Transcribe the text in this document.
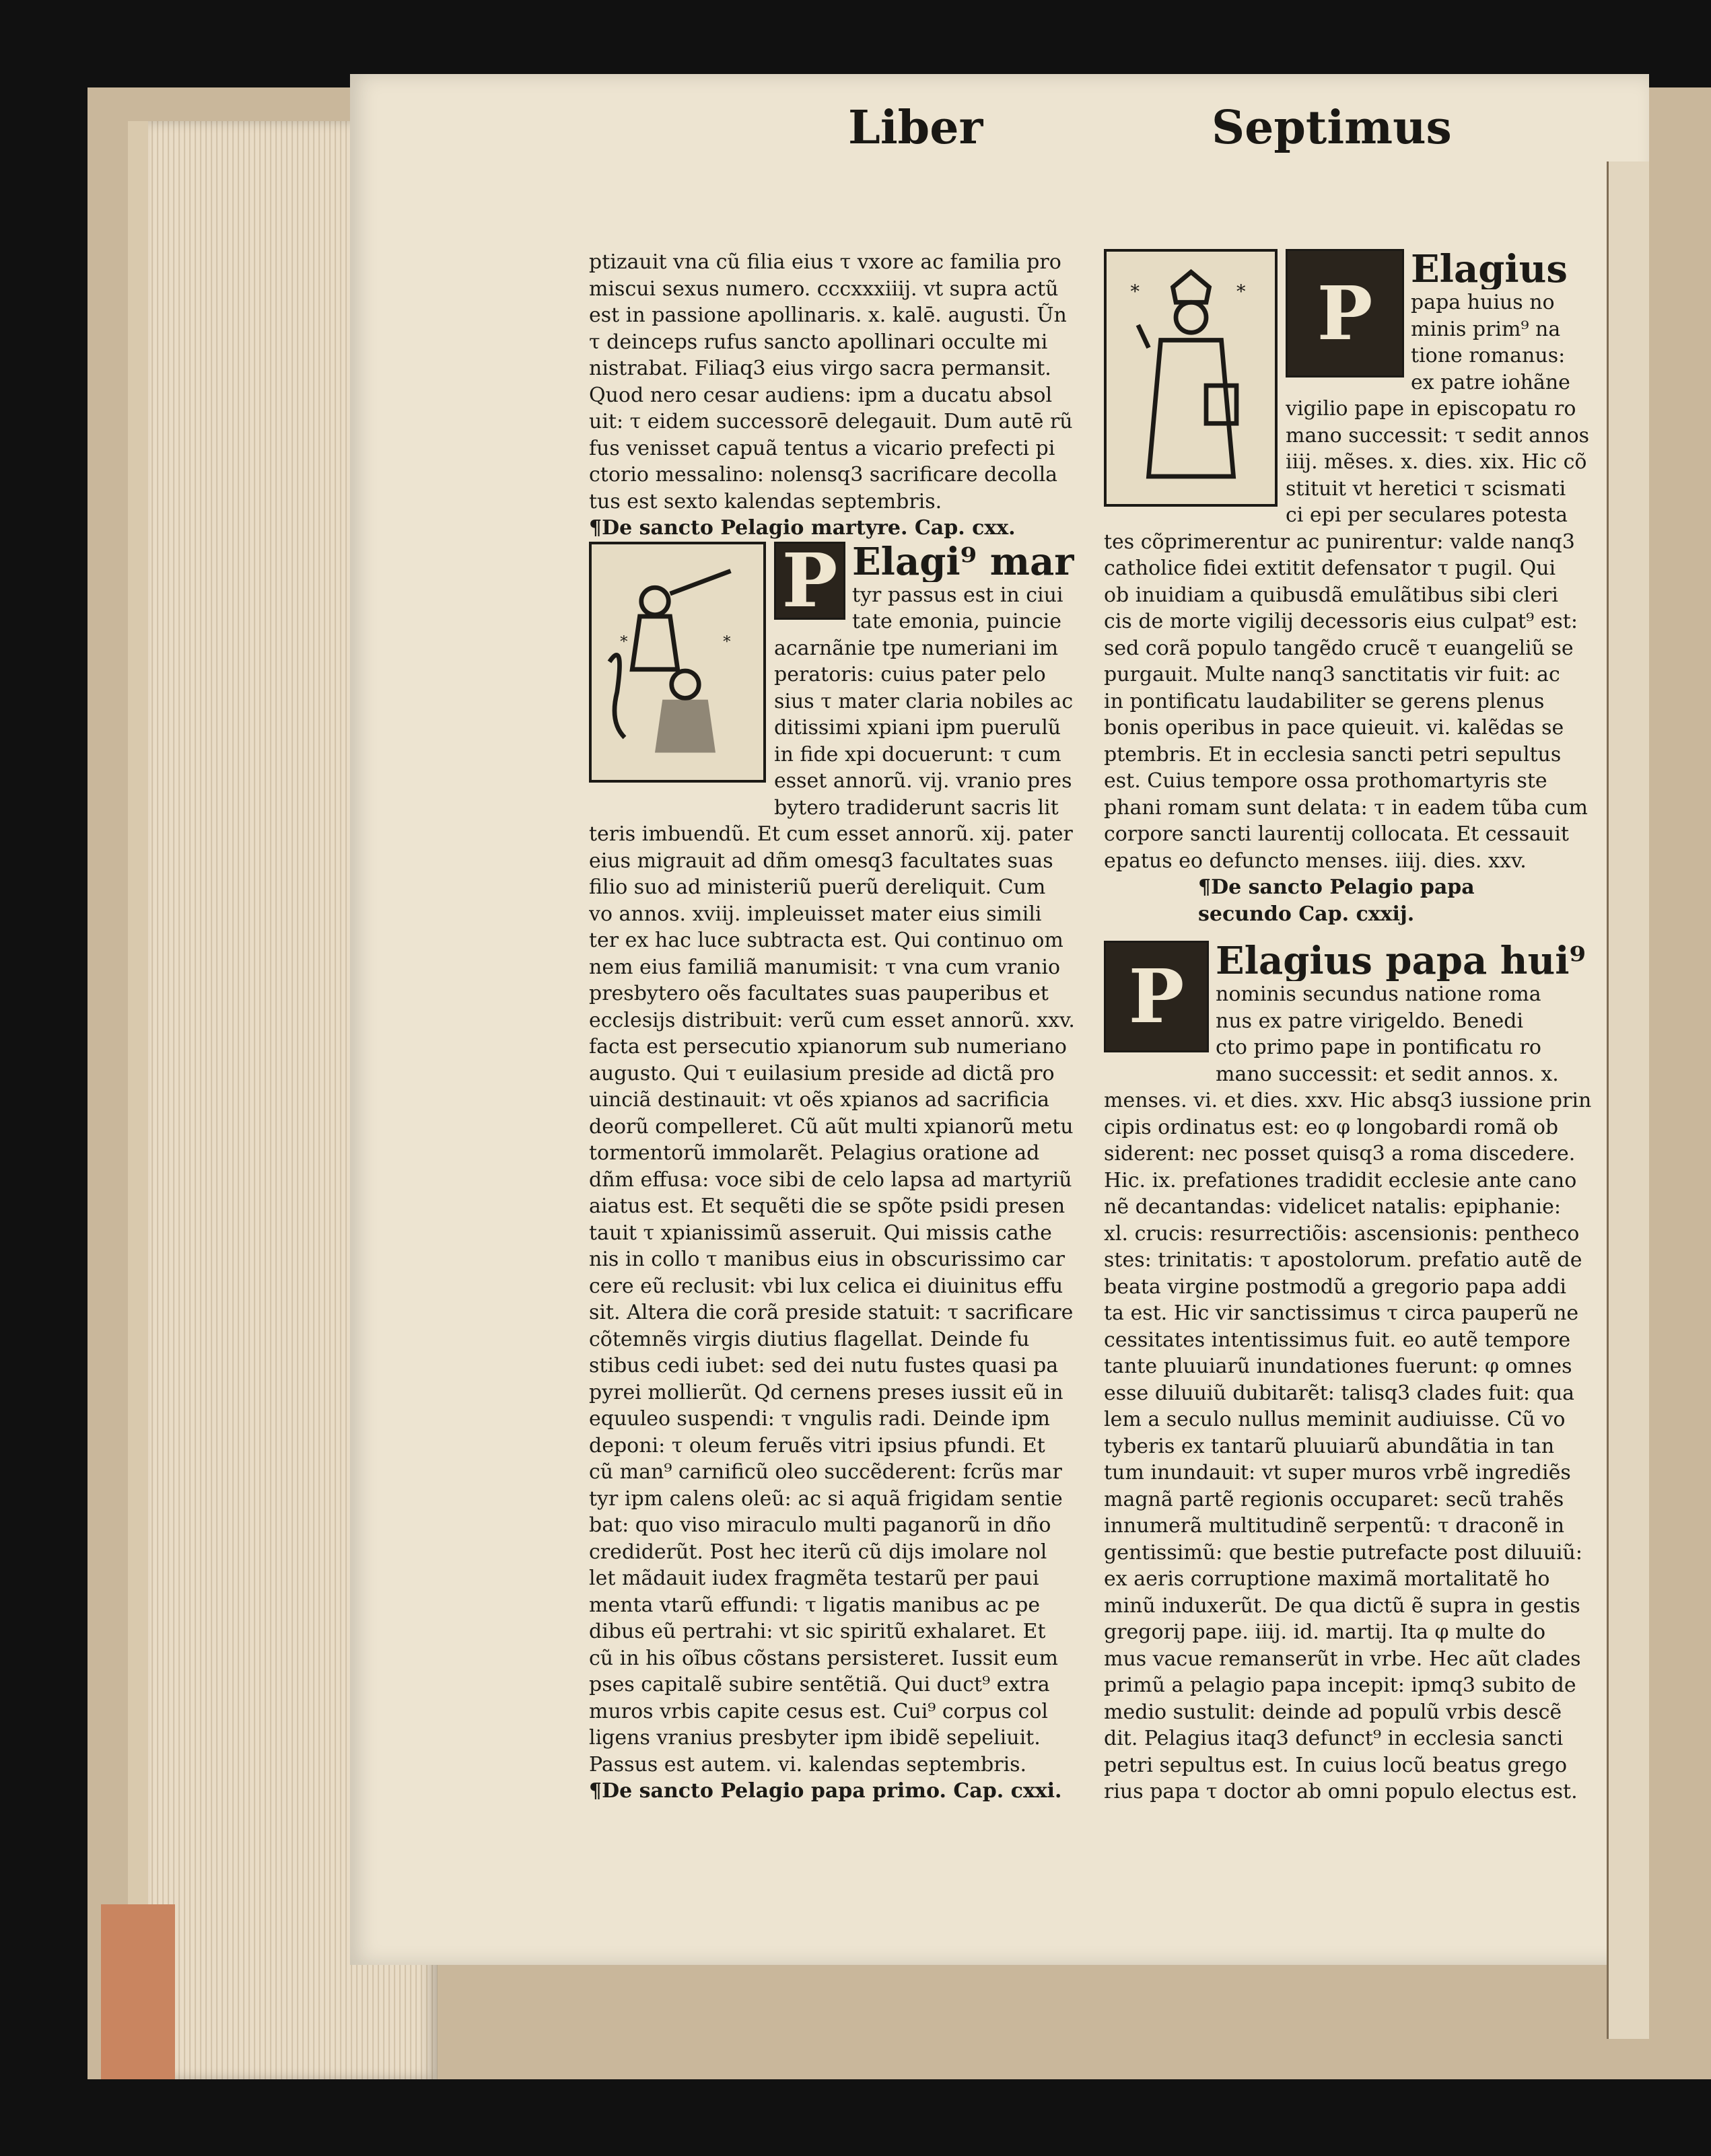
Liber	Septimus

ptizauit vna cũ filia eius τ vxore ac familia pro

miscui sexus numero. cccxxxiiij. vt supra actũ

est in passione apollinaris. x. kalē. augusti. Ũn

τ deinceps rufus sancto apollinari occulte mi

nistrabat. Filiaq3 eius virgo sacra permansit.

Quod nero cesar audiens: ipm a ducatu absol

uit: τ eidem successorē delegauit. Dum autē rũ

fus venisset capuã tentus a vicario prefecti pi

ctorio messalino: nolensq3 sacrificare decolla

tus est sexto kalendas septembris.

¶De sancto Pelagio martyre. Cap. cxx.

*	*
P Elagi⁹ mar

tyr passus est in ciui

tate emonia, puincie

acarnãnie tpe numeriani im

peratoris: cuius pater pelo

sius τ mater claria nobiles ac

ditissimi xpiani ipm puerulũ

in fide xpi docuerunt: τ cum

esset annorũ. vij. vranio pres

bytero tradiderunt sacris lit

teris imbuendũ. Et cum esset annorũ. xij. pater

eius migrauit ad dñm omesq3 facultates suas

filio suo ad ministeriũ puerũ dereliquit. Cum

vo annos. xviij. impleuisset mater eius simili

ter ex hac luce subtracta est. Qui continuo om

nem eius familiã manumisit: τ vna cum vranio

presbytero oẽs facultates suas pauperibus et

ecclesijs distribuit: verũ cum esset annorũ. xxv.

facta est persecutio xpianorum sub numeriano

augusto. Qui τ euilasium preside ad dictã pro

uinciã destinauit: vt oẽs xpianos ad sacrificia

deorũ compelleret. Cũ aũt multi xpianorũ metu

tormentorũ immolarẽt. Pelagius oratione ad

dñm effusa: voce sibi de celo lapsa ad martyriũ

aiatus est. Et sequẽti die se spõte psidi presen

tauit τ xpianissimũ asseruit. Qui missis cathe

nis in collo τ manibus eius in obscurissimo car

cere eũ reclusit: vbi lux celica ei diuinitus effu

sit. Altera die corã preside statuit: τ sacrificare

cõtemnẽs virgis diutius flagellat. Deinde fu

stibus cedi iubet: sed dei nutu fustes quasi pa

pyrei mollierũt. Qd cernens preses iussit eũ in

equuleo suspendi: τ vngulis radi. Deinde ipm

deponi: τ oleum feruẽs vitri ipsius pfundi. Et

cũ man⁹ carnificũ oleo succẽderent: fcrũs mar

tyr ipm calens oleũ: ac si aquã frigidam sentie

bat: quo viso miraculo multi paganorũ in dño

crediderũt. Post hec iterũ cũ dijs imolare nol

let mãdauit iudex fragmẽta testarũ per paui

menta vtarũ effundi: τ ligatis manibus ac pe

dibus eũ pertrahi: vt sic spiritũ exhalaret. Et

cũ in his oĩbus cõstans persisteret. Iussit eum

pses capitalẽ subire sentẽtiã. Qui duct⁹ extra

muros vrbis capite cesus est. Cui⁹ corpus col

ligens vranius presbyter ipm ibidẽ sepeliuit.

Passus est autem. vi. kalendas septembris.

¶De sancto Pelagio papa primo. Cap. cxxi.

*	* P

Elagius

papa huius no

minis prim⁹ na

tione romanus:

ex patre iohãne

vigilio pape in episcopatu ro

mano successit: τ sedit annos

iiij. mẽses. x. dies. xix. Hic cõ

stituit vt heretici τ scismati

ci epi per seculares potesta

tes cõprimerentur ac punirentur: valde nanq3

catholice fidei extitit defensator τ pugil. Qui

ob inuidiam a quibusdã emulãtibus sibi cleri

cis de morte vigilij decessoris eius culpat⁹ est:

sed corã populo tangẽdo crucẽ τ euangeliũ se

purgauit. Multe nanq3 sanctitatis vir fuit: ac

in pontificatu laudabiliter se gerens plenus

bonis operibus in pace quieuit. vi. kalẽdas se

ptembris. Et in ecclesia sancti petri sepultus

est. Cuius tempore ossa prothomartyris ste

phani romam sunt delata: τ in eadem tũba cum

corpore sancti laurentij collocata. Et cessauit

epatus eo defuncto menses. iiij. dies. xxv.

¶De sancto Pelagio papa

secundo Cap. cxxij.

P Elagius papa hui⁹

nominis secundus natione roma

nus ex patre virigeldo. Benedi

cto primo pape in pontificatu ro

mano successit: et sedit annos. x.

menses. vi. et dies. xxv. Hic absq3 iussione prin

cipis ordinatus est: eo φ longobardi romã ob

siderent: nec posset quisq3 a roma discedere.

Hic. ix. prefationes tradidit ecclesie ante cano

nẽ decantandas: videlicet natalis: epiphanie:

xl. crucis: resurrectiõis: ascensionis: pentheco

stes: trinitatis: τ apostolorum. prefatio autẽ de

beata virgine postmodũ a gregorio papa addi

ta est. Hic vir sanctissimus τ circa pauperũ ne

cessitates intentissimus fuit. eo autẽ tempore

tante pluuiarũ inundationes fuerunt: φ omnes

esse diluuiũ dubitarẽt: talisq3 clades fuit: qua

lem a seculo nullus meminit audiuisse. Cũ vo

tyberis ex tantarũ pluuiarũ abundãtia in tan

tum inundauit: vt super muros vrbẽ ingrediẽs

magnã partẽ regionis occuparet: secũ trahẽs

innumerã multitudinẽ serpentũ: τ draconẽ in

gentissimũ: que bestie putrefacte post diluuiũ:

ex aeris corruptione maximã mortalitatẽ ho

minũ induxerũt. De qua dictũ ẽ supra in gestis

gregorij pape. iiij. id. martij. Ita φ multe do

mus vacue remanserũt in vrbe. Hec aũt clades

primũ a pelagio papa incepit: ipmq3 subito de

medio sustulit: deinde ad populũ vrbis descẽ

dit. Pelagius itaq3 defunct⁹ in ecclesia sancti

petri sepultus est. In cuius locũ beatus grego

rius papa τ doctor ab omni populo electus est.
